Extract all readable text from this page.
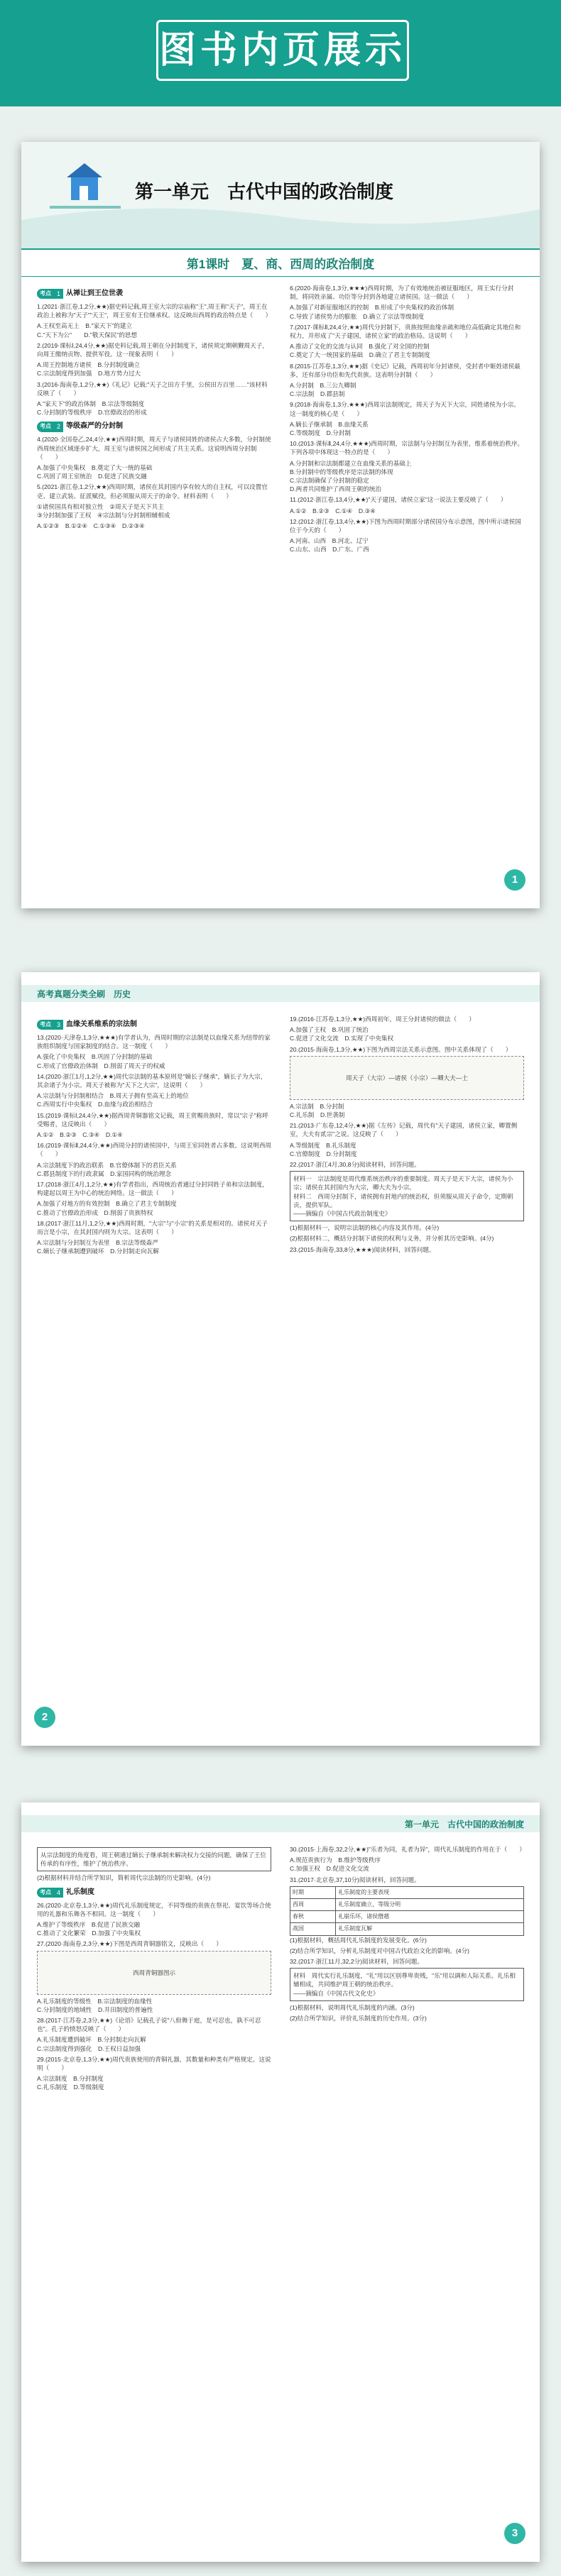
图书内页展示
第一单元　古代中国的政治制度
第1课时　夏、商、西周的政治制度
考点 1 从禅让到王位世袭

1.(2021·浙江卷,1,2分,★★)据史料记载,周王室大宗的宗庙称"王",周王称"天子"，周王在政治上被称为"天子""天王"，周王室有王位继承权。这反映出西周的政治特点是（　　）

A.王权至高无上　B."家天下"的建立
C."天下为公"　　D."敬天保民"的思想

2.(2019·课标Ⅰ,24,4分,★★)据史料记载,周王朝在分封制度下，诸侯须定期朝觐周天子，向周王缴纳贡物、提供军役。这一现象表明（　　）

A.周王控制地方诸侯　B.分封制度确立
C.宗法制度得到加强　D.地方势力过大

3.(2016·海南卷,1,2分,★★)《礼记》记载:"天子之田方千里，公侯田方百里……"该材料反映了（　　）

A."家天下"的政治体制　B.宗法等级制度
C.分封制的等级秩序　D.官僚政治的形成

考点 2 等级森严的分封制

4.(2020·全国卷乙,24,4分,★★)西周时期，周天子与诸侯同姓的诸侯占大多数，分封制使西周统治区域逐步扩大，周王室与诸侯国之间形成了共主关系。这说明西周分封制（　　）

A.加强了中央集权　B.奠定了大一统的基础
C.巩固了周王室统治　D.促进了民族交融

5.(2021·浙江卷,1,2分,★★)西周时期，诸侯在其封国内享有较大的自主权，可以设置官吏、建立武装、征派赋役，但必须服从周天子的命令。材料表明（　　）

①诸侯国具有相对独立性　②周天子是天下共主
③分封制加强了王权　④宗法制与分封制相辅相成

A.①②③　B.①②④　C.①③④　D.②③④

6.(2020·海南卷,1,3分,★★★)西周时期，为了有效地统治被征服地区，周王实行分封制，将同姓亲属、功臣等分封到各地建立诸侯国。这一做法（　　）

A.加强了对新征服地区的控制　B.形成了中央集权的政治体制
C.导致了诸侯势力的膨胀　D.确立了宗法等级制度

7.(2017·课标Ⅱ,24,4分,★★)周代分封制下，贵族按照血缘亲疏和地位高低确定其地位和权力，并形成了"天子建国，诸侯立家"的政治格局。这说明（　　）

A.推动了文化的交流与认同　B.强化了对全国的控制
C.奠定了大一统国家的基础　D.确立了君主专制制度

8.(2015·江苏卷,1,3分,★★)据《史记》记载，西周初年分封诸侯，受封者中姬姓诸侯最多，还有部分功臣和先代贵族。这表明分封制（　　）

A.分封制　B.三公九卿制
C.宗法制　D.郡县制

9.(2018·海南卷,1,3分,★★★)西周宗法制规定，周天子为天下大宗，同姓诸侯为小宗。这一制度的核心是（　　）

A.嫡长子继承制　B.血缘关系
C.等级制度　D.分封制

10.(2013·课标Ⅱ,24,4分,★★★)西周时期，宗法制与分封制互为表里，维系着统治秩序。下列各项中体现这一特点的是（　　）

A.分封制和宗法制都建立在血缘关系的基础上
B.分封制中的等级秩序是宗法制的体现
C.宗法制确保了分封制的稳定
D.两者共同维护了西周王朝的统治

11.(2012·浙江卷,13,4分,★★)"天子建国，诸侯立家"这一说法主要反映了（　　）

A.①②　B.②③　C.①④　D.③④

12.(2012·浙江卷,13,4分,★★)下图为西周时期部分诸侯国分布示意图，图中所示诸侯国位于今天的（　　）

A.河南、山西　B.河北、辽宁
C.山东、山西　D.广东、广西

1
高考真题分类全刷　历史
考点 3 血缘关系维系的宗法制

13.(2020·天津卷,1,3分,★★★)有学者认为，西周时期的宗法制是以血缘关系为纽带的家族组织制度与国家制度的结合。这一制度（　　）

A.强化了中央集权　B.巩固了分封制的基础
C.形成了官僚政治体制　D.削弱了周天子的权威

14.(2020·浙江1月,1,2分,★★)周代宗法制的基本原则是"嫡长子继承"，嫡长子为大宗，其余诸子为小宗。周天子被称为"天下之大宗"，这说明（　　）

A.宗法制与分封制相结合　B.周天子拥有至高无上的地位
C.西周实行中央集权　D.血缘与政治相结合

15.(2019·课标Ⅰ,24,4分,★★)据西周青铜器铭文记载，周王赏赐贵族时，常以"宗子"称呼受赐者，这反映出（　　）

A.①②　B.②③　C.③④　D.①④

16.(2019·课标Ⅱ,24,4分,★★)西周分封的诸侯国中，与周王室同姓者占多数。这说明西周（　　）

A.宗法制度下的政治联系　B.官僚体制下的君臣关系
C.郡县制度下的行政隶属　D.家国同构的统治理念

17.(2018·浙江4月,1,2分,★★)有学者指出，西周统治者通过分封同姓子弟和宗法制度，构建起以周王为中心的统治网络。这一做法（　　）

A.加强了对地方的有效控制　B.确立了君主专制制度
C.推动了官僚政治形成　D.削弱了贵族特权

18.(2017·浙江11月,1,2分,★★)西周时期，"大宗"与"小宗"的关系是相对的。诸侯对天子而言是小宗，在其封国内则为大宗。这表明（　　）

A.宗法制与分封制互为表里　B.宗法等级森严
C.嫡长子继承制遭到破坏　D.分封制走向瓦解

19.(2016·江苏卷,1,3分,★★)西周初年，周王分封诸侯的做法（　　）

A.加强了王权　B.巩固了统治
C.促进了文化交流　D.实现了中央集权

20.(2015·海南卷,1,3分,★★)下图为西周宗法关系示意图。图中关系体现了（　　）

周天子（大宗）—诸侯（小宗）—卿大夫—士

A.宗法制　B.分封制
C.礼乐制　D.世袭制

21.(2013·广东卷,12,4分,★★)据《左传》记载，周代有"天子建国，诸侯立家，卿置侧室，大夫有贰宗"之说。这反映了（　　）

A.等级制度　B.礼乐制度
C.官僚制度　D.分封制度

22.(2017·浙江4月,30,8分)阅读材料，回答问题。

材料一　宗法制度是周代维系统治秩序的重要制度。周天子是天下大宗，诸侯为小宗；诸侯在其封国内为大宗，卿大夫为小宗。
材料二　西周分封制下，诸侯拥有封地内的统治权，但须服从周天子命令，定期朝贡，提供军队。
——摘编自《中国古代政治制度史》

(1)根据材料一，说明宗法制的核心内容及其作用。(4分)

(2)根据材料二，概括分封制下诸侯的权利与义务，并分析其历史影响。(4分)

23.(2015·海南卷,33,8分,★★★)阅读材料，回答问题。

2
第一单元　古代中国的政治制度
从宗法制度的角度看，周王朝通过嫡长子继承制来解决权力交接的问题，确保了王位传承的有序性，维护了统治秩序。

(2)根据材料并结合所学知识，简析周代宗法制的历史影响。(4分)

考点 4 礼乐制度

26.(2020·北京卷,1,3分,★★)周代礼乐制度规定，不同等级的贵族在祭祀、宴饮等场合使用的礼器和乐舞各不相同。这一制度（　　）

A.维护了等级秩序　B.促进了民族交融
C.推动了文化繁荣　D.加强了中央集权

27.(2020·海南卷,2,3分,★★)下图是西周青铜器铭文，反映出（　　）

西周青铜器图示

A.礼乐制度的等级性　B.宗法制度的血缘性
C.分封制度的地域性　D.井田制度的普遍性

28.(2017·江苏卷,2,3分,★★)《论语》记载孔子说"八佾舞于庭，是可忍也，孰不可忍也"。孔子的愤怒反映了（　　）

A.礼乐制度遭到破坏　B.分封制走向瓦解
C.宗法制度得到强化　D.王权日益加强

29.(2015·北京卷,1,3分,★★)周代贵族使用的青铜礼器，其数量和种类有严格规定。这说明（　　）

A.宗法制度　B.分封制度
C.礼乐制度　D.等级制度

30.(2015·上海卷,32,2分,★★)"乐者为同，礼者为异"，周代礼乐制度的作用在于（　　）

A.规范贵族行为　B.维护等级秩序
C.加强王权　D.促进文化交流

31.(2017·北京卷,37,10分)阅读材料，回答问题。

时期	礼乐制度的主要表现
西周	礼乐制度确立，等级分明
春秋	礼崩乐坏，诸侯僭越
战国	礼乐制度瓦解

(1)根据材料，概括周代礼乐制度的发展变化。(6分)

(2)结合所学知识，分析礼乐制度对中国古代政治文化的影响。(4分)

32.(2017·浙江11月,32,2分)阅读材料，回答问题。

材料　周代实行礼乐制度，"礼"用以区别尊卑贵贱，"乐"用以调和人际关系。礼乐相辅相成，共同维护周王朝的统治秩序。
——摘编自《中国古代文化史》

(1)根据材料，说明周代礼乐制度的内涵。(3分)

(2)结合所学知识，评价礼乐制度的历史作用。(3分)

3
